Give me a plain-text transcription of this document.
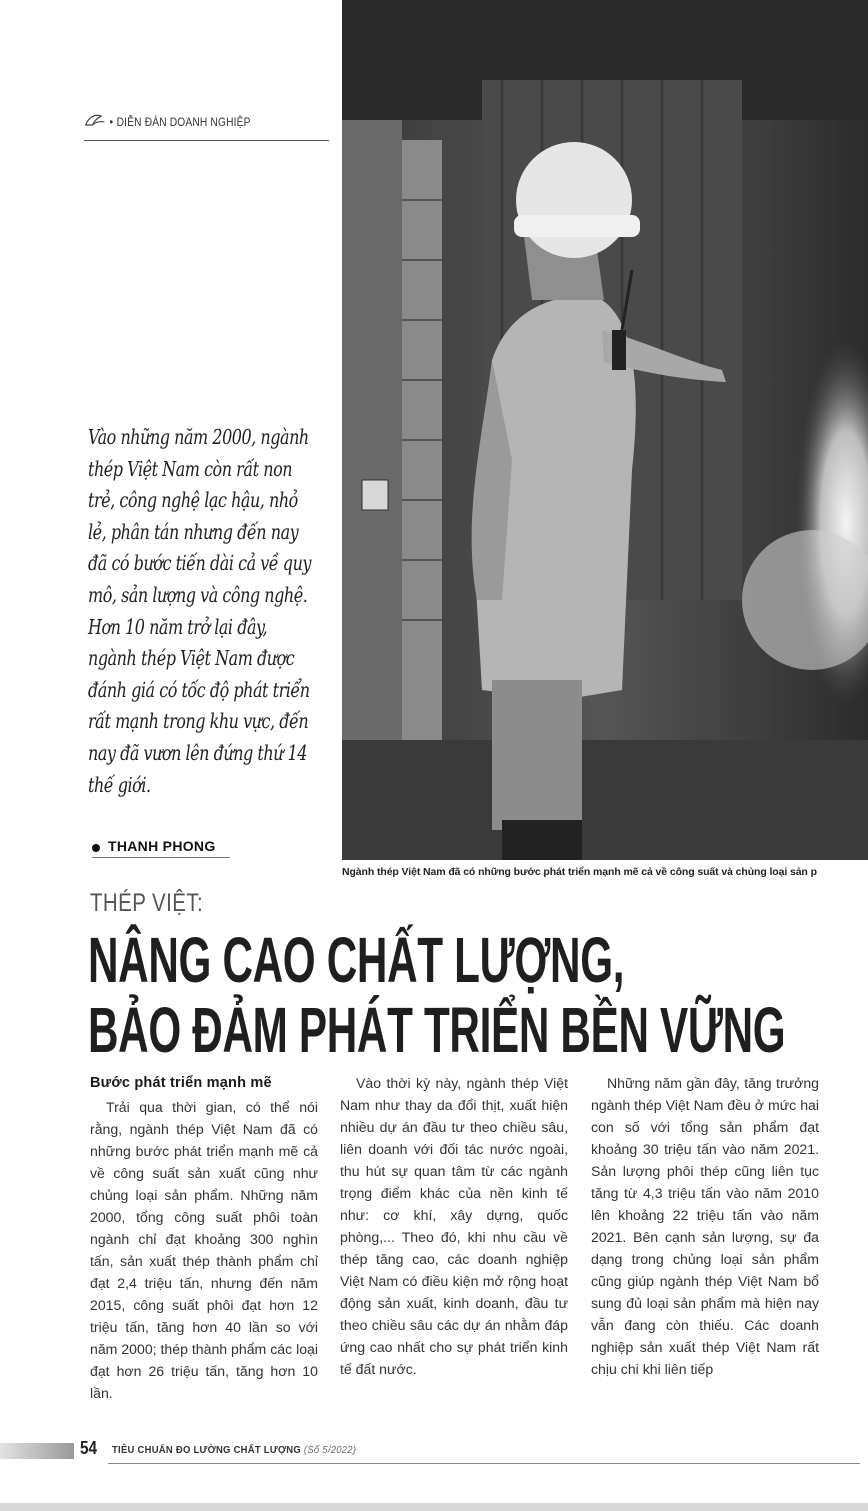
• DIỄN ĐÀN DOANH NGHIỆP
Vào những năm 2000, ngành thép Việt Nam còn rất non trẻ, công nghệ lạc hậu, nhỏ lẻ, phân tán nhưng đến nay đã có bước tiến dài cả về quy mô, sản lượng và công nghệ. Hơn 10 năm trở lại đây, ngành thép Việt Nam được đánh giá có tốc độ phát triển rất mạnh trong khu vực, đến nay đã vươn lên đứng thứ 14 thế giới.
THANH PHONG
Ngành thép Việt Nam đã có những bước phát triển mạnh mẽ cả về công suất và chủng loại sản p
THÉP VIỆT:
NÂNG CAO CHẤT LƯỢNG,
BẢO ĐẢM PHÁT TRIỂN BỀN VỮNG
Bước phát triển mạnh mẽ

Trải qua thời gian, có thể nói rằng, ngành thép Việt Nam đã có những bước phát triển mạnh mẽ cả về công suất sản xuất cũng như chủng loại sản phẩm. Những năm 2000, tổng công suất phôi toàn ngành chỉ đạt khoảng 300 nghìn tấn, sản xuất thép thành phẩm chỉ đạt 2,4 triệu tấn, nhưng đến năm 2015, công suất phôi đạt hơn 12 triệu tấn, tăng hơn 40 lần so với năm 2000; thép thành phẩm các loại đạt hơn 26 triệu tấn, tăng hơn 10 lần.

Vào thời kỳ này, ngành thép Việt Nam như thay da đổi thịt, xuất hiện nhiều dự án đầu tư theo chiều sâu, liên doanh với đối tác nước ngoài, thu hút sự quan tâm từ các ngành trọng điểm khác của nền kinh tế như: cơ khí, xây dựng, quốc phòng,... Theo đó, khi nhu cầu về thép tăng cao, các doanh nghiệp Việt Nam có điều kiện mở rộng hoạt động sản xuất, kinh doanh, đầu tư theo chiều sâu các dự án nhằm đáp ứng cao nhất cho sự phát triển kinh tế đất nước.

Những năm gần đây, tăng trưởng ngành thép Việt Nam đều ở mức hai con số với tổng sản phẩm đạt khoảng 30 triệu tấn vào năm 2021. Sản lượng phôi thép cũng liên tục tăng từ 4,3 triệu tấn vào năm 2010 lên khoảng 22 triệu tấn vào năm 2021. Bên cạnh sản lượng, sự đa dạng trong chủng loại sản phẩm cũng giúp ngành thép Việt Nam bổ sung đủ loại sản phẩm mà hiện nay vẫn đang còn thiếu. Các doanh nghiệp sản xuất thép Việt Nam rất chịu chi khi liên tiếp

54 TIÊU CHUẨN ĐO LƯỜNG CHẤT LƯỢNG (Số 5/2022)
